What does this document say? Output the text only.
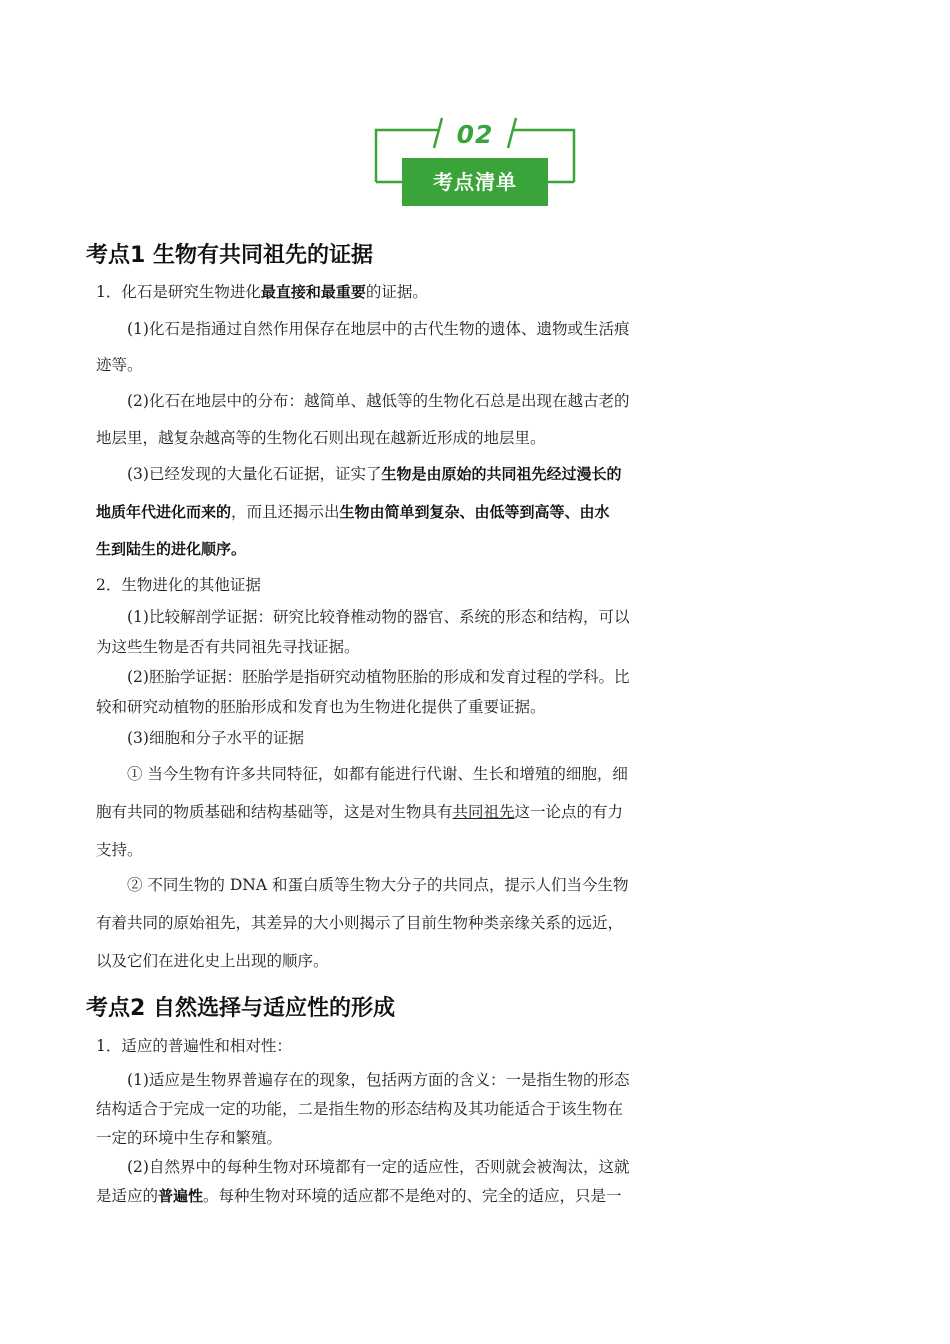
02
考点清单
考点1 生物有共同祖先的证据

1．化石是研究生物进化最直接和最重要的证据。

(1)化石是指通过自然作用保存在地层中的古代生物的遗体、遗物或生活痕

迹等。

(2)化石在地层中的分布：越简单、越低等的生物化石总是出现在越古老的

地层里，越复杂越高等的生物化石则出现在越新近形成的地层里。

(3)已经发现的大量化石证据，证实了生物是由原始的共同祖先经过漫长的

地质年代进化而来的，而且还揭示出生物由简单到复杂、由低等到高等、由水

生到陆生的进化顺序。

2．生物进化的其他证据

(1)比较解剖学证据：研究比较脊椎动物的器官、系统的形态和结构，可以

为这些生物是否有共同祖先寻找证据。

(2)胚胎学证据：胚胎学是指研究动植物胚胎的形成和发育过程的学科。比

较和研究动植物的胚胎形成和发育也为生物进化提供了重要证据。

(3)细胞和分子水平的证据

① 当今生物有许多共同特征，如都有能进行代谢、生长和增殖的细胞，细

胞有共同的物质基础和结构基础等，这是对生物具有共同祖先这一论点的有力

支持。

② 不同生物的 DNA 和蛋白质等生物大分子的共同点，提示人们当今生物

有着共同的原始祖先，其差异的大小则揭示了目前生物种类亲缘关系的远近，

以及它们在进化史上出现的顺序。

考点2 自然选择与适应性的形成

1．适应的普遍性和相对性：

(1)适应是生物界普遍存在的现象，包括两方面的含义：一是指生物的形态

结构适合于完成一定的功能，二是指生物的形态结构及其功能适合于该生物在

一定的环境中生存和繁殖。

(2)自然界中的每种生物对环境都有一定的适应性，否则就会被淘汰，这就

是适应的普遍性。每种生物对环境的适应都不是绝对的、完全的适应，只是一
